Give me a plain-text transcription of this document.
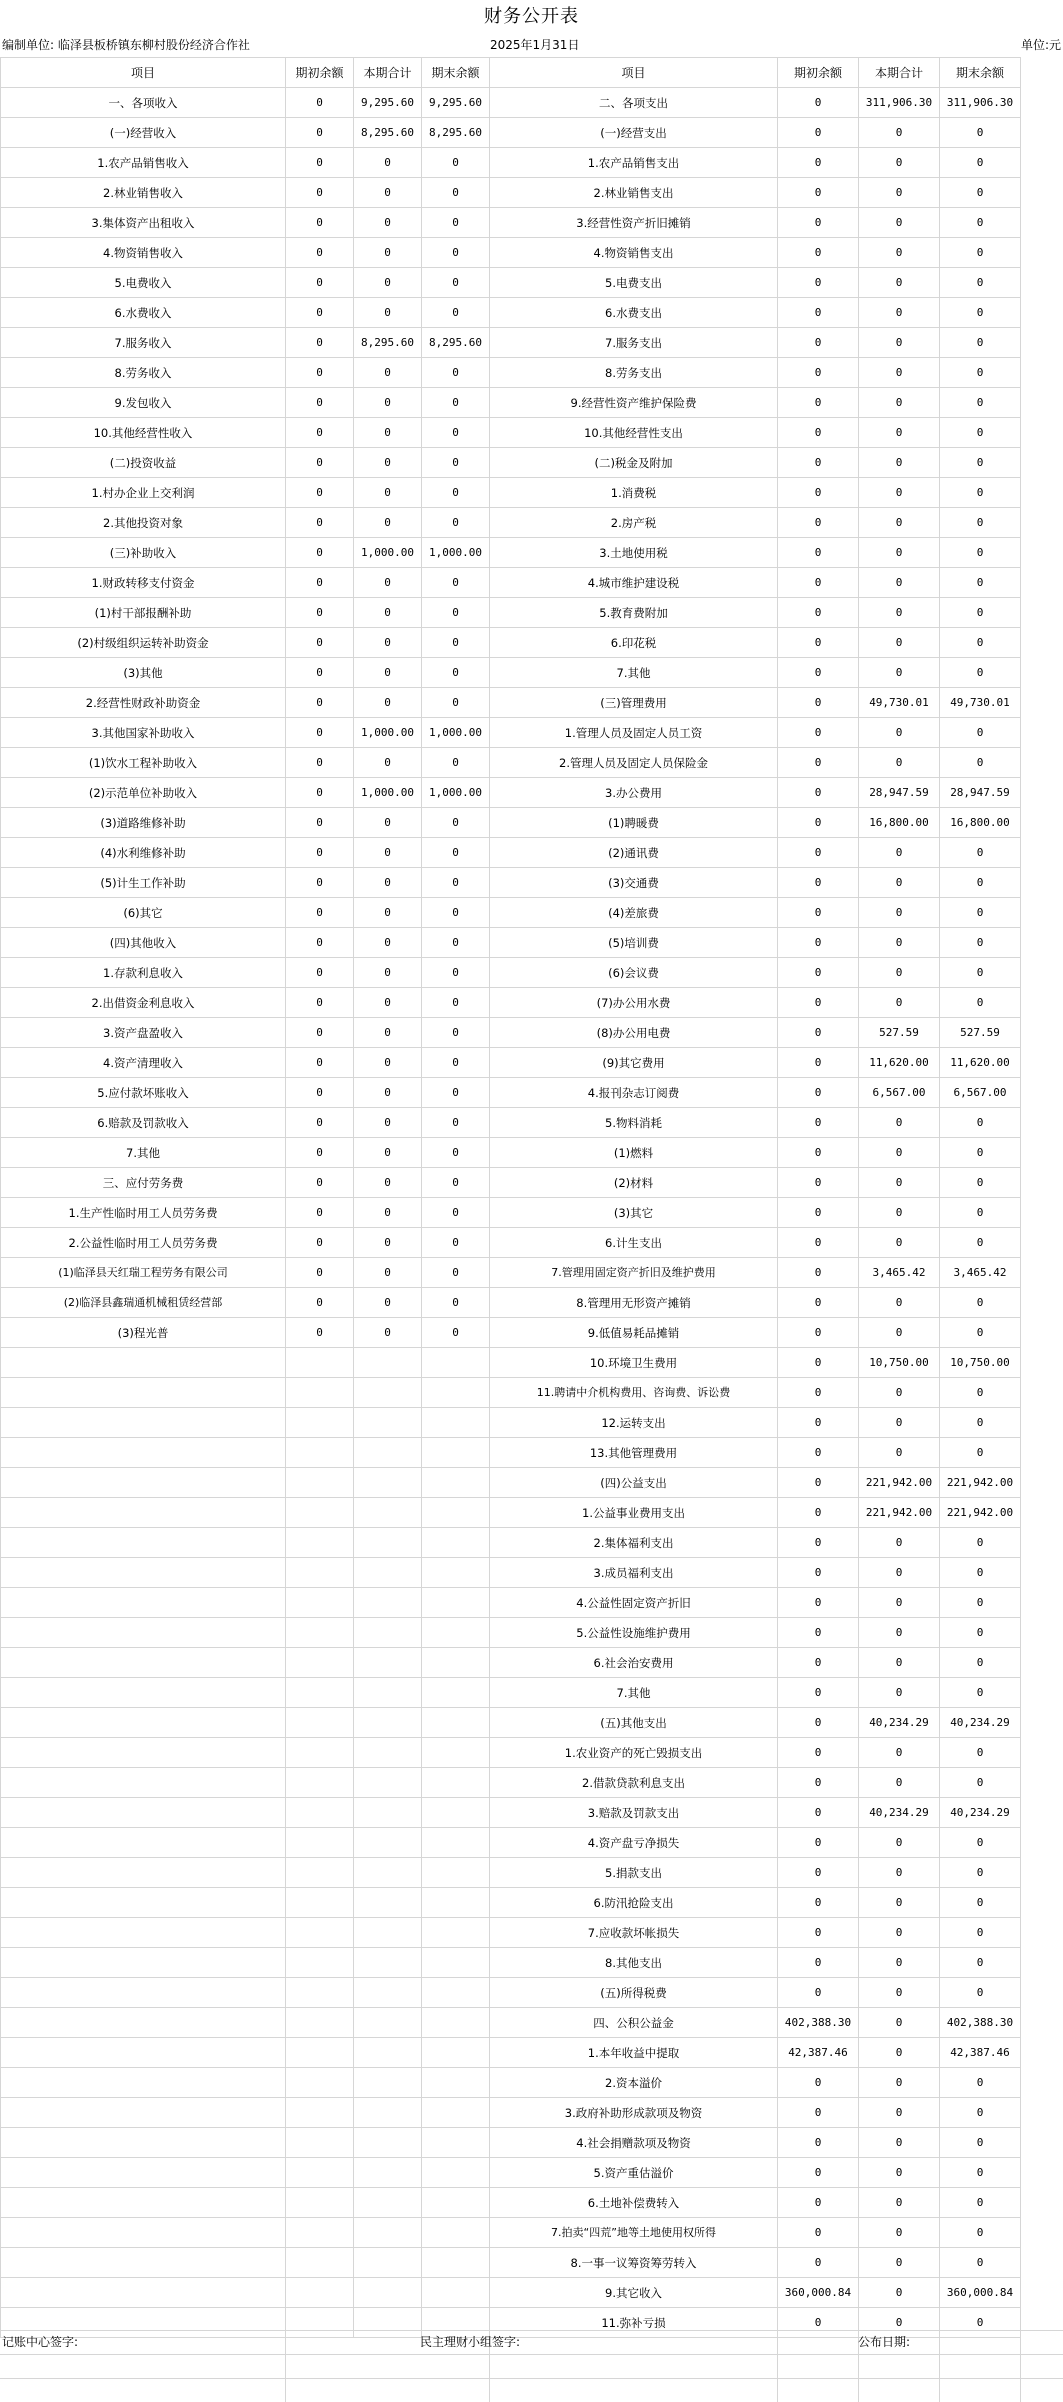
财务公开表
编制单位: 临泽县板桥镇东柳村股份经济合作社	2025年1月31日	单位:元
项目	期初余额	本期合计	期末余额	项目	期初余额	本期合计	期末余额
一、各项收入	0	9,295.60	9,295.60	二、各项支出	0	311,906.30	311,906.30
(一)经营收入	0	8,295.60	8,295.60	(一)经营支出	0	0	0
1.农产品销售收入	0	0	0	1.农产品销售支出	0	0	0
2.林业销售收入	0	0	0	2.林业销售支出	0	0	0
3.集体资产出租收入	0	0	0	3.经营性资产折旧摊销	0	0	0
4.物资销售收入	0	0	0	4.物资销售支出	0	0	0
5.电费收入	0	0	0	5.电费支出	0	0	0
6.水费收入	0	0	0	6.水费支出	0	0	0
7.服务收入	0	8,295.60	8,295.60	7.服务支出	0	0	0
8.劳务收入	0	0	0	8.劳务支出	0	0	0
9.发包收入	0	0	0	9.经营性资产维护保险费	0	0	0
10.其他经营性收入	0	0	0	10.其他经营性支出	0	0	0
(二)投资收益	0	0	0	(二)税金及附加	0	0	0
1.村办企业上交利润	0	0	0	1.消费税	0	0	0
2.其他投资对象	0	0	0	2.房产税	0	0	0
(三)补助收入	0	1,000.00	1,000.00	3.土地使用税	0	0	0
1.财政转移支付资金	0	0	0	4.城市维护建设税	0	0	0
(1)村干部报酬补助	0	0	0	5.教育费附加	0	0	0
(2)村级组织运转补助资金	0	0	0	6.印花税	0	0	0
(3)其他	0	0	0	7.其他	0	0	0
2.经营性财政补助资金	0	0	0	(三)管理费用	0	49,730.01	49,730.01
3.其他国家补助收入	0	1,000.00	1,000.00	1.管理人员及固定人员工资	0	0	0
(1)饮水工程补助收入	0	0	0	2.管理人员及固定人员保险金	0	0	0
(2)示范单位补助收入	0	1,000.00	1,000.00	3.办公费用	0	28,947.59	28,947.59
(3)道路维修补助	0	0	0	(1)聘暖费	0	16,800.00	16,800.00
(4)水利维修补助	0	0	0	(2)通讯费	0	0	0
(5)计生工作补助	0	0	0	(3)交通费	0	0	0
(6)其它	0	0	0	(4)差旅费	0	0	0
(四)其他收入	0	0	0	(5)培训费	0	0	0
1.存款利息收入	0	0	0	(6)会议费	0	0	0
2.出借资金利息收入	0	0	0	(7)办公用水费	0	0	0
3.资产盘盈收入	0	0	0	(8)办公用电费	0	527.59	527.59
4.资产清理收入	0	0	0	(9)其它费用	0	11,620.00	11,620.00
5.应付款坏账收入	0	0	0	4.报刊杂志订阅费	0	6,567.00	6,567.00
6.赔款及罚款收入	0	0	0	5.物料消耗	0	0	0
7.其他	0	0	0	(1)燃料	0	0	0
三、应付劳务费	0	0	0	(2)材料	0	0	0
1.生产性临时用工人员劳务费	0	0	0	(3)其它	0	0	0
2.公益性临时用工人员劳务费	0	0	0	6.计生支出	0	0	0
(1)临泽县天红瑞工程劳务有限公司	0	0	0	7.管理用固定资产折旧及维护费用	0	3,465.42	3,465.42
(2)临泽县鑫瑞通机械租赁经营部	0	0	0	8.管理用无形资产摊销	0	0	0
(3)程光普	0	0	0	9.低值易耗品摊销	0	0	0
				10.环境卫生费用	0	10,750.00	10,750.00
				11.聘请中介机构费用、咨询费、诉讼费	0	0	0
				12.运转支出	0	0	0
				13.其他管理费用	0	0	0
				(四)公益支出	0	221,942.00	221,942.00
				1.公益事业费用支出	0	221,942.00	221,942.00
				2.集体福利支出	0	0	0
				3.成员福利支出	0	0	0
				4.公益性固定资产折旧	0	0	0
				5.公益性设施维护费用	0	0	0
				6.社会治安费用	0	0	0
				7.其他	0	0	0
				(五)其他支出	0	40,234.29	40,234.29
				1.农业资产的死亡毁损支出	0	0	0
				2.借款贷款利息支出	0	0	0
				3.赔款及罚款支出	0	40,234.29	40,234.29
				4.资产盘亏净损失	0	0	0
				5.捐款支出	0	0	0
				6.防汛抢险支出	0	0	0
				7.应收款坏帐损失	0	0	0
				8.其他支出	0	0	0
				(五)所得税费	0	0	0
				四、公积公益金	402,388.30	0	402,388.30
				1.本年收益中提取	42,387.46	0	42,387.46
				2.资本溢价	0	0	0
				3.政府补助形成款项及物资	0	0	0
				4.社会捐赠款项及物资	0	0	0
				5.资产重估溢价	0	0	0
				6.土地补偿费转入	0	0	0
				7.拍卖“四荒”地等土地使用权所得	0	0	0
				8.一事一议筹资筹劳转入	0	0	0
				9.其它收入	360,000.84	0	360,000.84
				11.弥补亏损	0	0	0
记账中心签字:	民主理财小组签字:	公布日期:
